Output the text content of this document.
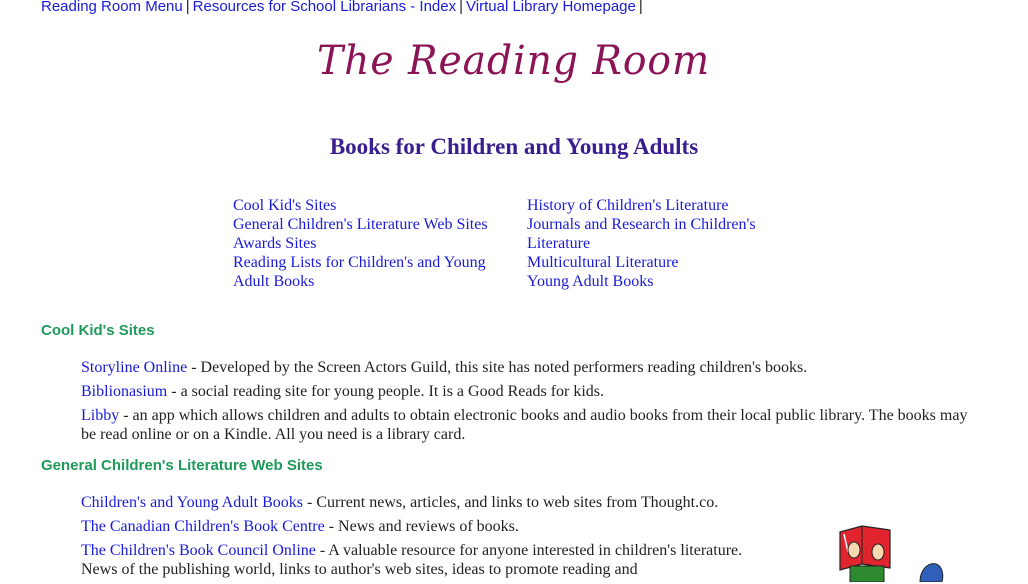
Reading Room Menu | Resources for School Librarians - Index | Virtual Library Homepage |
The Reading Room
Books for Children and Young Adults
Cool Kid's Sites
General Children's Literature Web Sites
Awards Sites
Reading Lists for Children's and Young Adult Books
History of Children's Literature
Journals and Research in Children's Literature
Multicultural Literature
Young Adult Books
Cool Kid's Sites

Storyline Online - Developed by the Screen Actors Guild, this site has noted performers reading children's books.

Biblionasium - a social reading site for young people. It is a Good Reads for kids.

Libby - an app which allows children and adults to obtain electronic books and audio books from their local public library. The books may be read online or on a Kindle. All you need is a library card.

General Children's Literature Web Sites

Children's and Young Adult Books - Current news, articles, and links to web sites from Thought.co.

The Canadian Children's Book Centre - News and reviews of books.

The Children's Book Council Online - A valuable resource for anyone interested in children's literature. News of the publishing world, links to author's web sites, ideas to promote reading and
